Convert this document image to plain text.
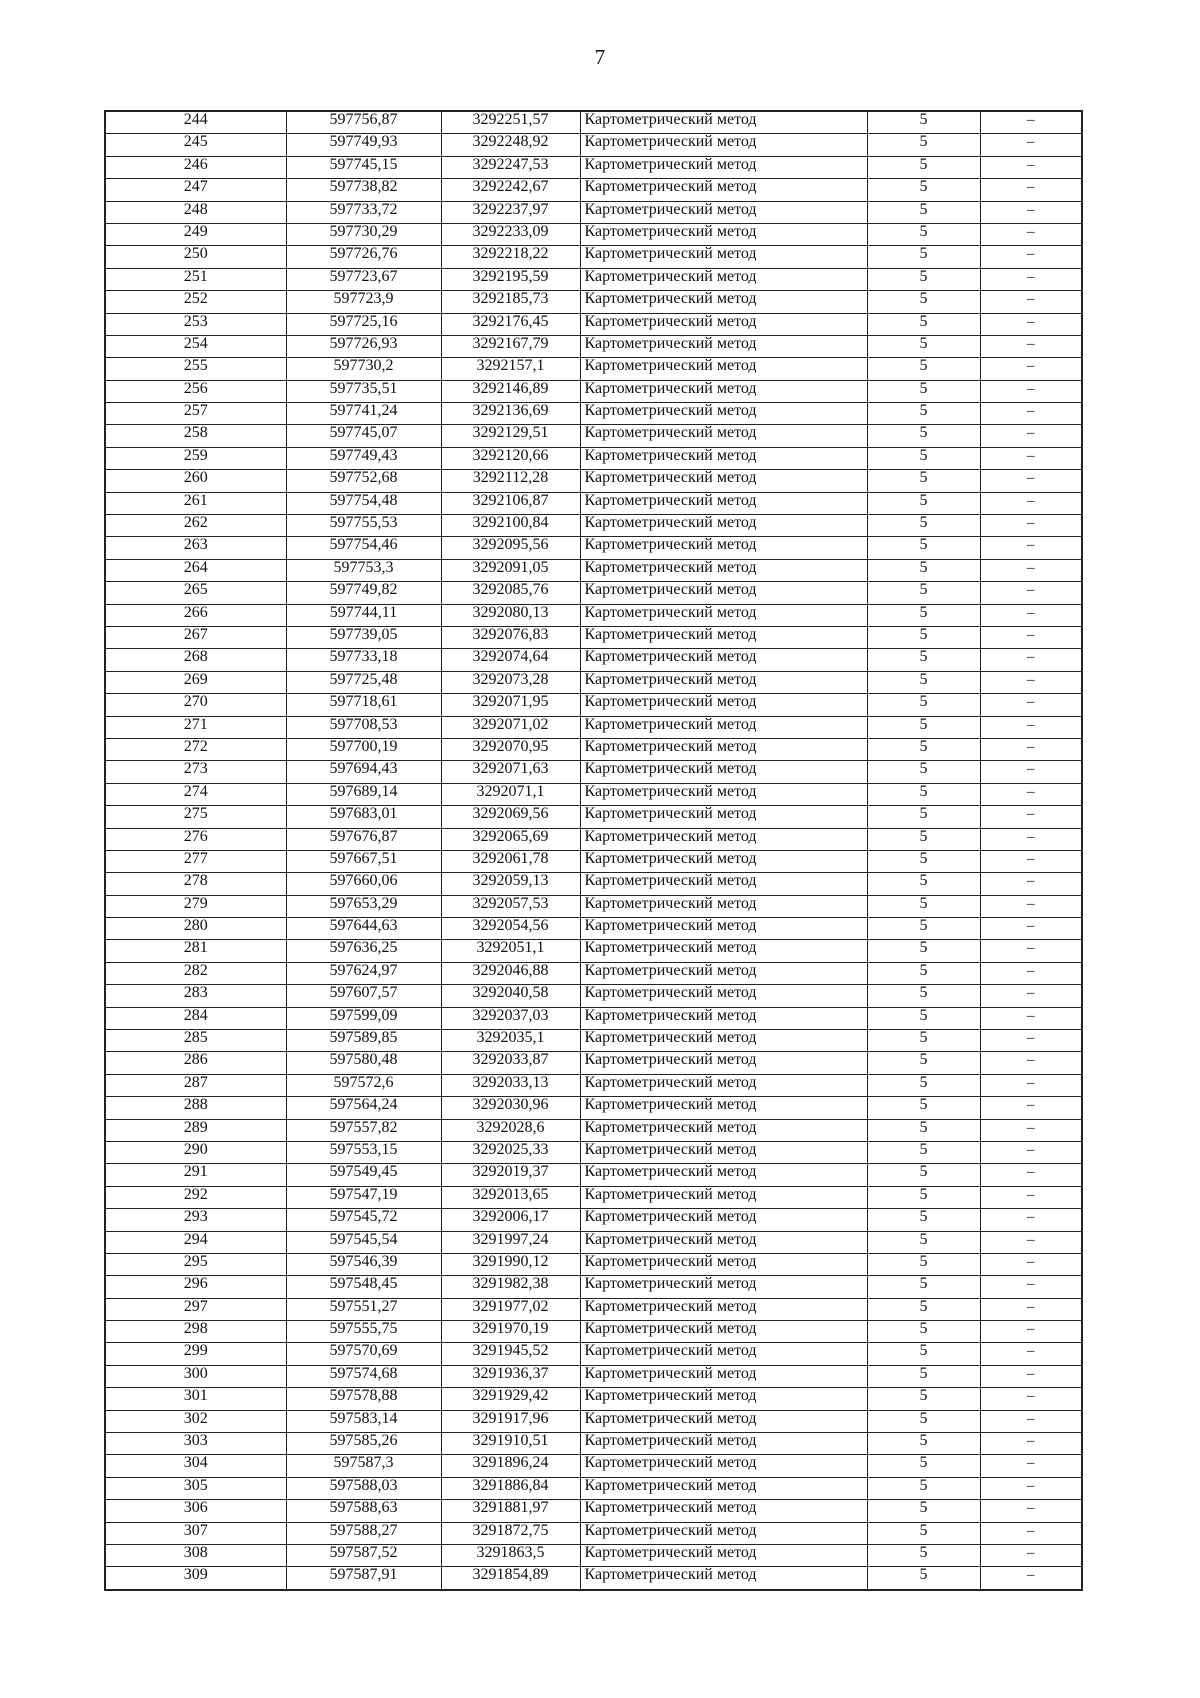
7
244	597756,87	3292251,57	Картометрический метод	5	–
245	597749,93	3292248,92	Картометрический метод	5	–
246	597745,15	3292247,53	Картометрический метод	5	–
247	597738,82	3292242,67	Картометрический метод	5	–
248	597733,72	3292237,97	Картометрический метод	5	–
249	597730,29	3292233,09	Картометрический метод	5	–
250	597726,76	3292218,22	Картометрический метод	5	–
251	597723,67	3292195,59	Картометрический метод	5	–
252	597723,9	3292185,73	Картометрический метод	5	–
253	597725,16	3292176,45	Картометрический метод	5	–
254	597726,93	3292167,79	Картометрический метод	5	–
255	597730,2	3292157,1	Картометрический метод	5	–
256	597735,51	3292146,89	Картометрический метод	5	–
257	597741,24	3292136,69	Картометрический метод	5	–
258	597745,07	3292129,51	Картометрический метод	5	–
259	597749,43	3292120,66	Картометрический метод	5	–
260	597752,68	3292112,28	Картометрический метод	5	–
261	597754,48	3292106,87	Картометрический метод	5	–
262	597755,53	3292100,84	Картометрический метод	5	–
263	597754,46	3292095,56	Картометрический метод	5	–
264	597753,3	3292091,05	Картометрический метод	5	–
265	597749,82	3292085,76	Картометрический метод	5	–
266	597744,11	3292080,13	Картометрический метод	5	–
267	597739,05	3292076,83	Картометрический метод	5	–
268	597733,18	3292074,64	Картометрический метод	5	–
269	597725,48	3292073,28	Картометрический метод	5	–
270	597718,61	3292071,95	Картометрический метод	5	–
271	597708,53	3292071,02	Картометрический метод	5	–
272	597700,19	3292070,95	Картометрический метод	5	–
273	597694,43	3292071,63	Картометрический метод	5	–
274	597689,14	3292071,1	Картометрический метод	5	–
275	597683,01	3292069,56	Картометрический метод	5	–
276	597676,87	3292065,69	Картометрический метод	5	–
277	597667,51	3292061,78	Картометрический метод	5	–
278	597660,06	3292059,13	Картометрический метод	5	–
279	597653,29	3292057,53	Картометрический метод	5	–
280	597644,63	3292054,56	Картометрический метод	5	–
281	597636,25	3292051,1	Картометрический метод	5	–
282	597624,97	3292046,88	Картометрический метод	5	–
283	597607,57	3292040,58	Картометрический метод	5	–
284	597599,09	3292037,03	Картометрический метод	5	–
285	597589,85	3292035,1	Картометрический метод	5	–
286	597580,48	3292033,87	Картометрический метод	5	–
287	597572,6	3292033,13	Картометрический метод	5	–
288	597564,24	3292030,96	Картометрический метод	5	–
289	597557,82	3292028,6	Картометрический метод	5	–
290	597553,15	3292025,33	Картометрический метод	5	–
291	597549,45	3292019,37	Картометрический метод	5	–
292	597547,19	3292013,65	Картометрический метод	5	–
293	597545,72	3292006,17	Картометрический метод	5	–
294	597545,54	3291997,24	Картометрический метод	5	–
295	597546,39	3291990,12	Картометрический метод	5	–
296	597548,45	3291982,38	Картометрический метод	5	–
297	597551,27	3291977,02	Картометрический метод	5	–
298	597555,75	3291970,19	Картометрический метод	5	–
299	597570,69	3291945,52	Картометрический метод	5	–
300	597574,68	3291936,37	Картометрический метод	5	–
301	597578,88	3291929,42	Картометрический метод	5	–
302	597583,14	3291917,96	Картометрический метод	5	–
303	597585,26	3291910,51	Картометрический метод	5	–
304	597587,3	3291896,24	Картометрический метод	5	–
305	597588,03	3291886,84	Картометрический метод	5	–
306	597588,63	3291881,97	Картометрический метод	5	–
307	597588,27	3291872,75	Картометрический метод	5	–
308	597587,52	3291863,5	Картометрический метод	5	–
309	597587,91	3291854,89	Картометрический метод	5	–
